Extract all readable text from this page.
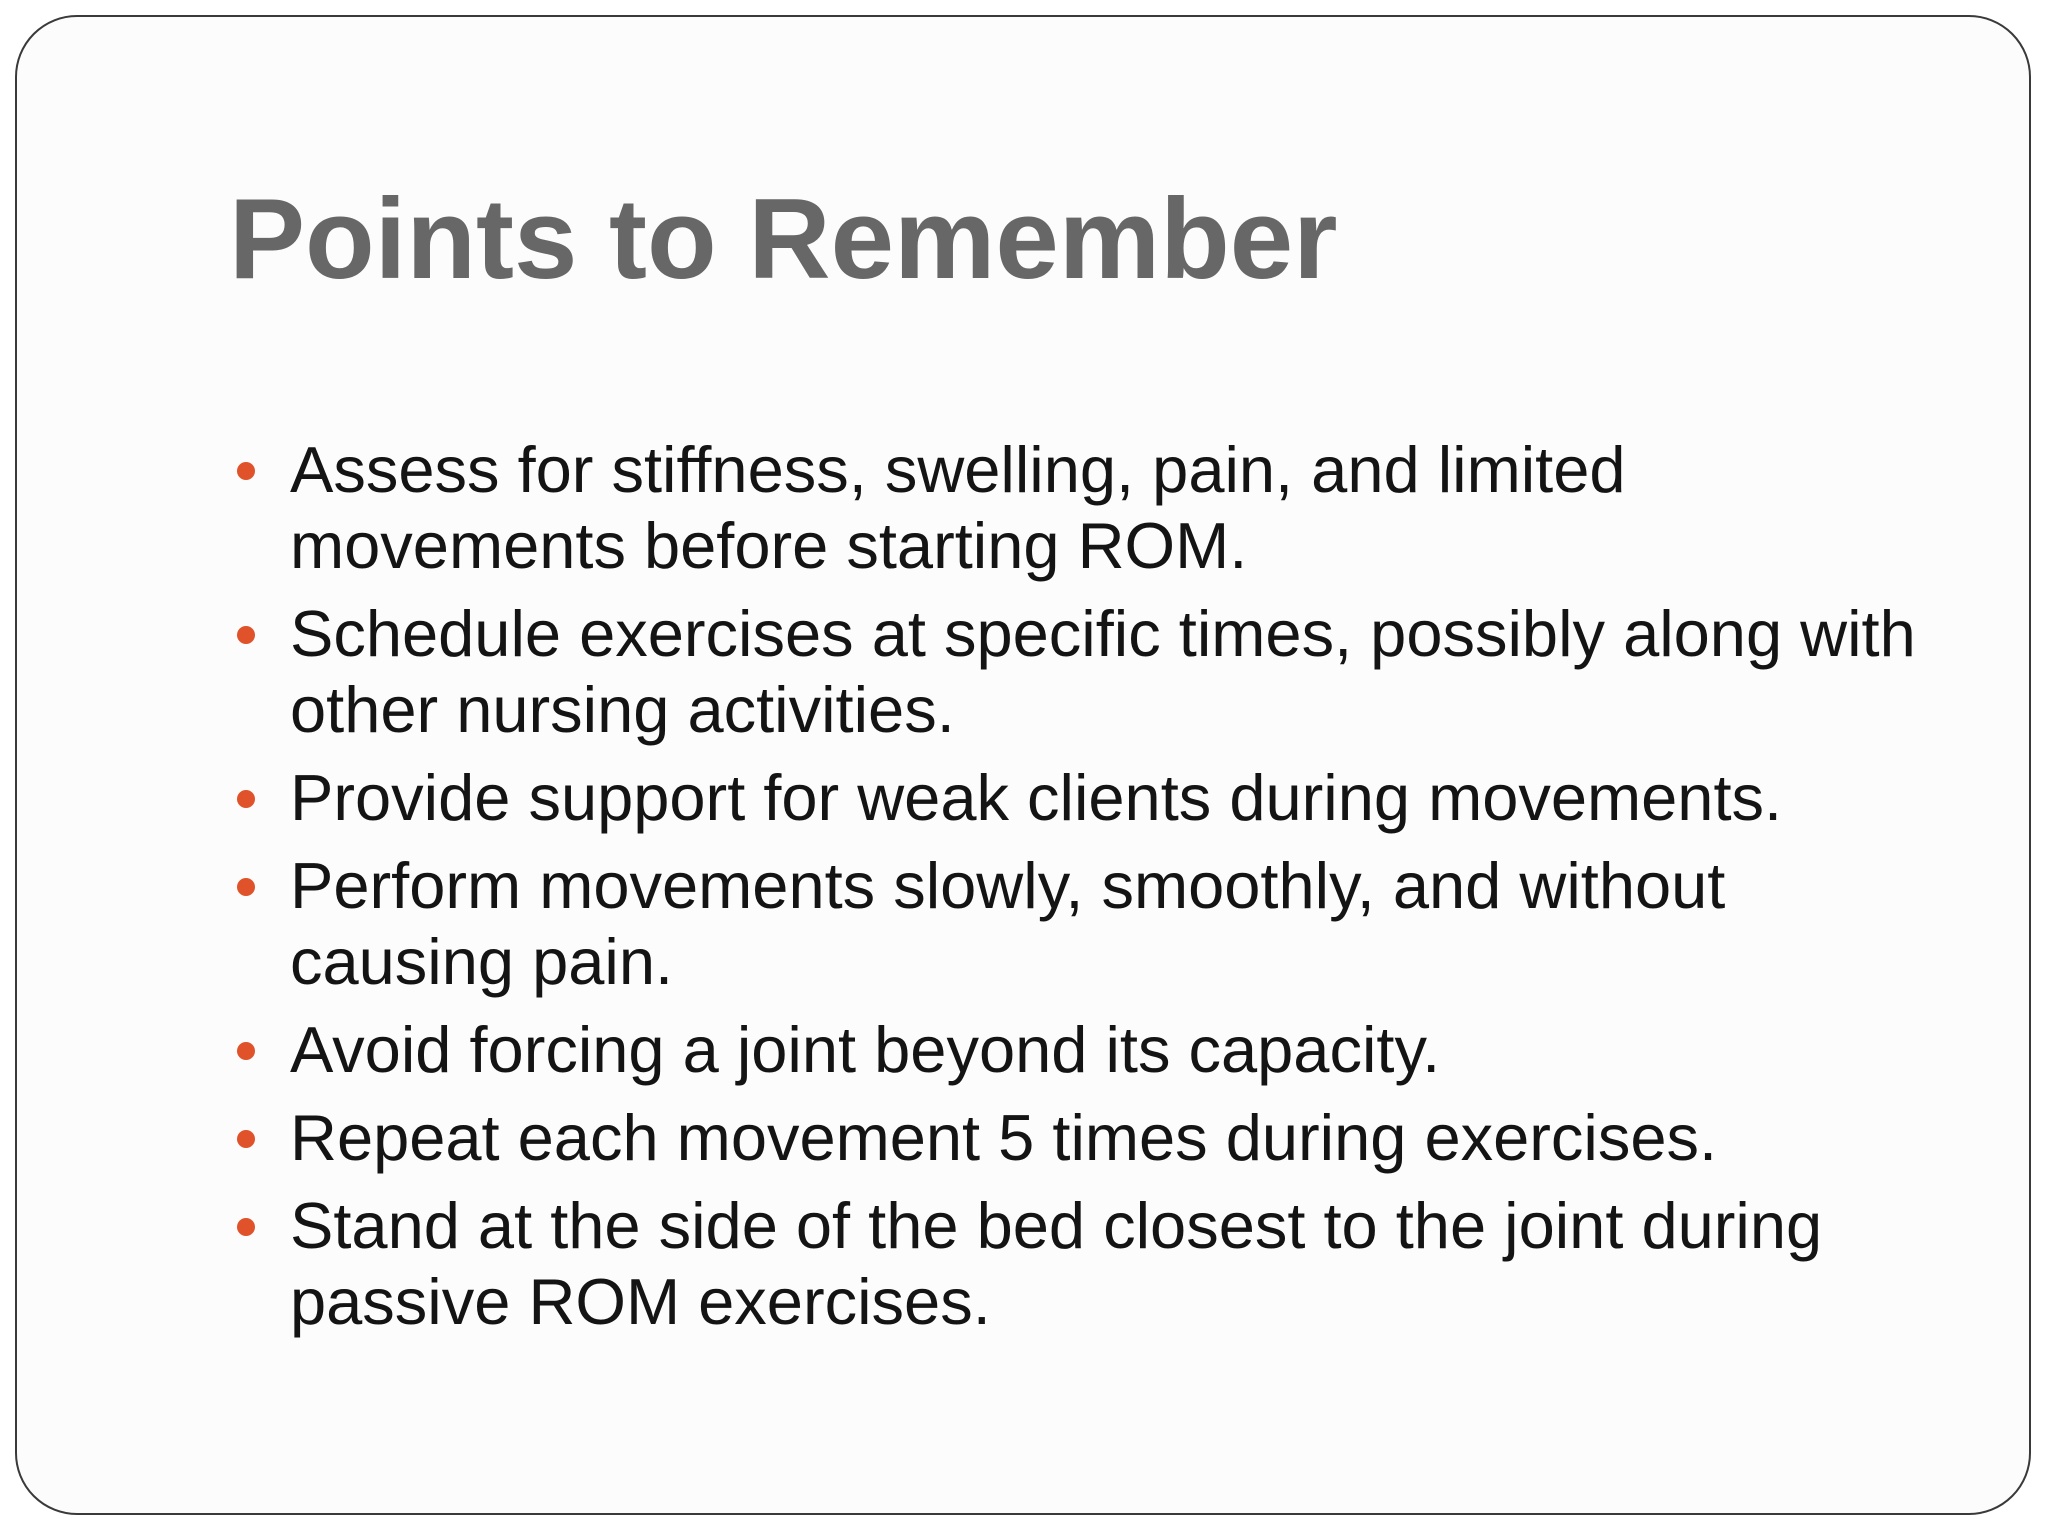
Points to Remember
Assess for stiffness, swelling, pain, and limited movements before starting ROM.
Schedule exercises at specific times, possibly along with other nursing activities.
Provide support for weak clients during movements.
Perform movements slowly, smoothly, and without causing pain.
Avoid forcing a joint beyond its capacity.
Repeat each movement 5 times during exercises.
Stand at the side of the bed closest to the joint during passive ROM exercises.
